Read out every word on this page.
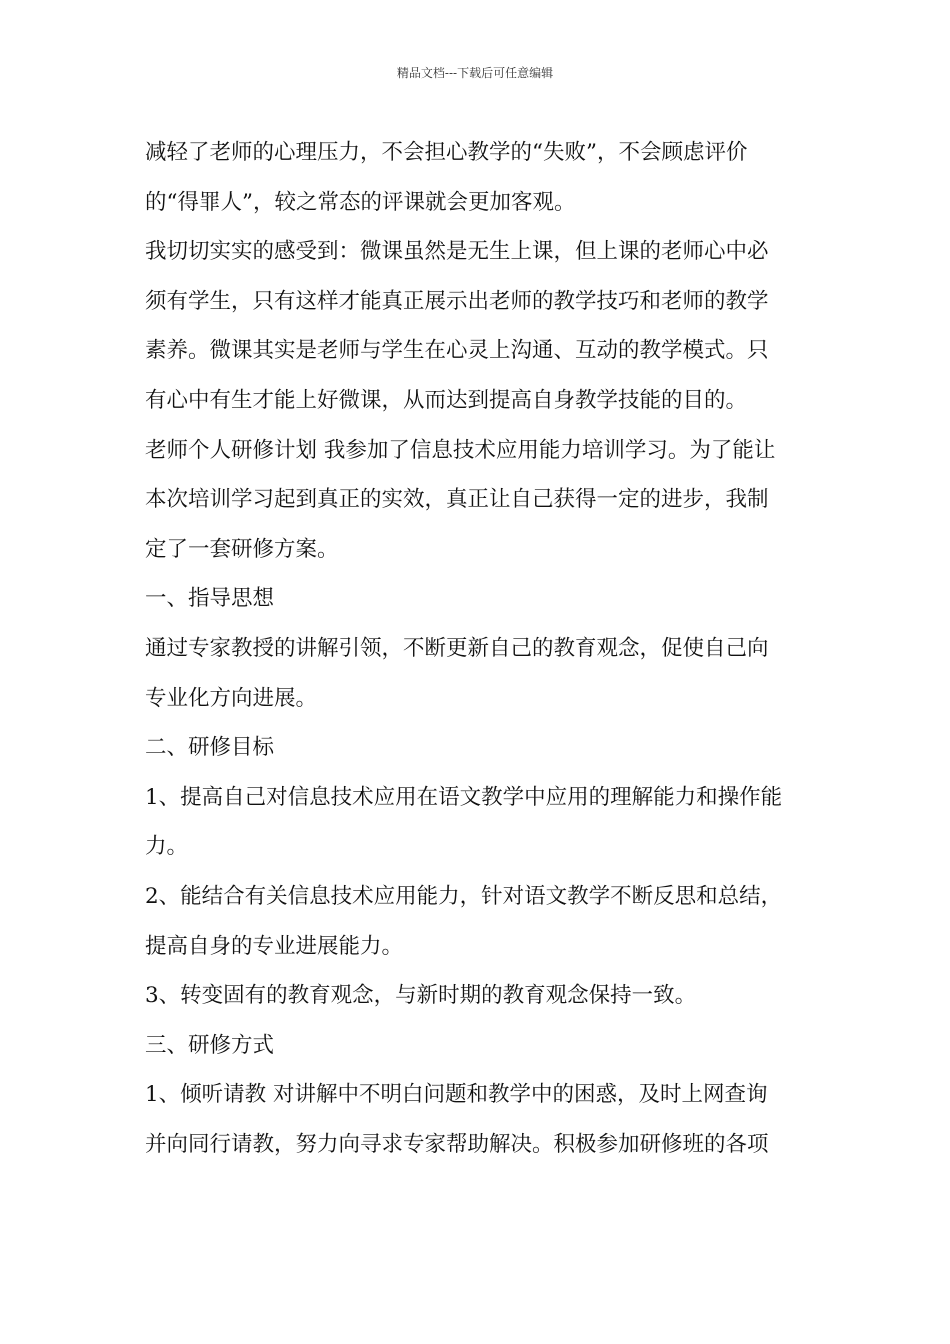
精品文档---下载后可任意编辑
减轻了老师的心理压力，不会担心教学的“失败”，不会顾虑评价
的“得罪人”，较之常态的评课就会更加客观。
我切切实实的感受到：微课虽然是无生上课，但上课的老师心中必
须有学生，只有这样才能真正展示出老师的教学技巧和老师的教学
素养。微课其实是老师与学生在心灵上沟通、互动的教学模式。只
有心中有生才能上好微课，从而达到提高自身教学技能的目的。
老师个人研修计划 我参加了信息技术应用能力培训学习。为了能让
本次培训学习起到真正的实效，真正让自己获得一定的进步，我制
定了一套研修方案。
一、指导思想
通过专家教授的讲解引领，不断更新自己的教育观念，促使自己向
专业化方向进展。
二、研修目标
1、提高自己对信息技术应用在语文教学中应用的理解能力和操作能
力。
2、能结合有关信息技术应用能力，针对语文教学不断反思和总结，
提高自身的专业进展能力。
3、转变固有的教育观念，与新时期的教育观念保持一致。
三、研修方式
1、倾听请教 对讲解中不明白问题和教学中的困惑，及时上网查询
并向同行请教，努力向寻求专家帮助解决。积极参加研修班的各项
